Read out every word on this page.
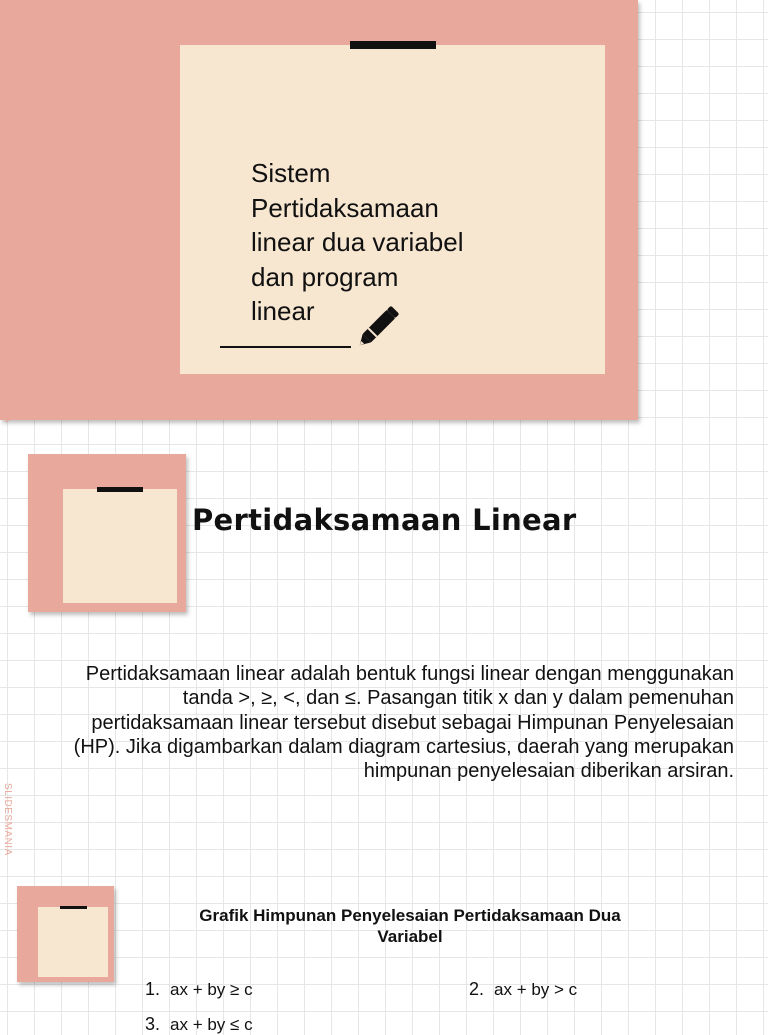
Sistem
Pertidaksamaan
linear dua variabel
dan program
linear
SLIDESMANIA
SLIDESMANIA
Pertidaksamaan Linear
Pertidaksamaan linear adalah bentuk fungsi linear dengan menggunakan tanda >, ≥, <, dan ≤. Pasangan titik x dan y dalam pemenuhan pertidaksamaan linear tersebut disebut sebagai Himpunan Penyelesaian (HP). Jika digambarkan dalam diagram cartesius, daerah yang merupakan himpunan penyelesaian diberikan arsiran.
Grafik Himpunan Penyelesaian Pertidaksamaan Dua Variabel
1. ax + by ≥ c	2. ax + by > c
3. ax + by ≤ c
